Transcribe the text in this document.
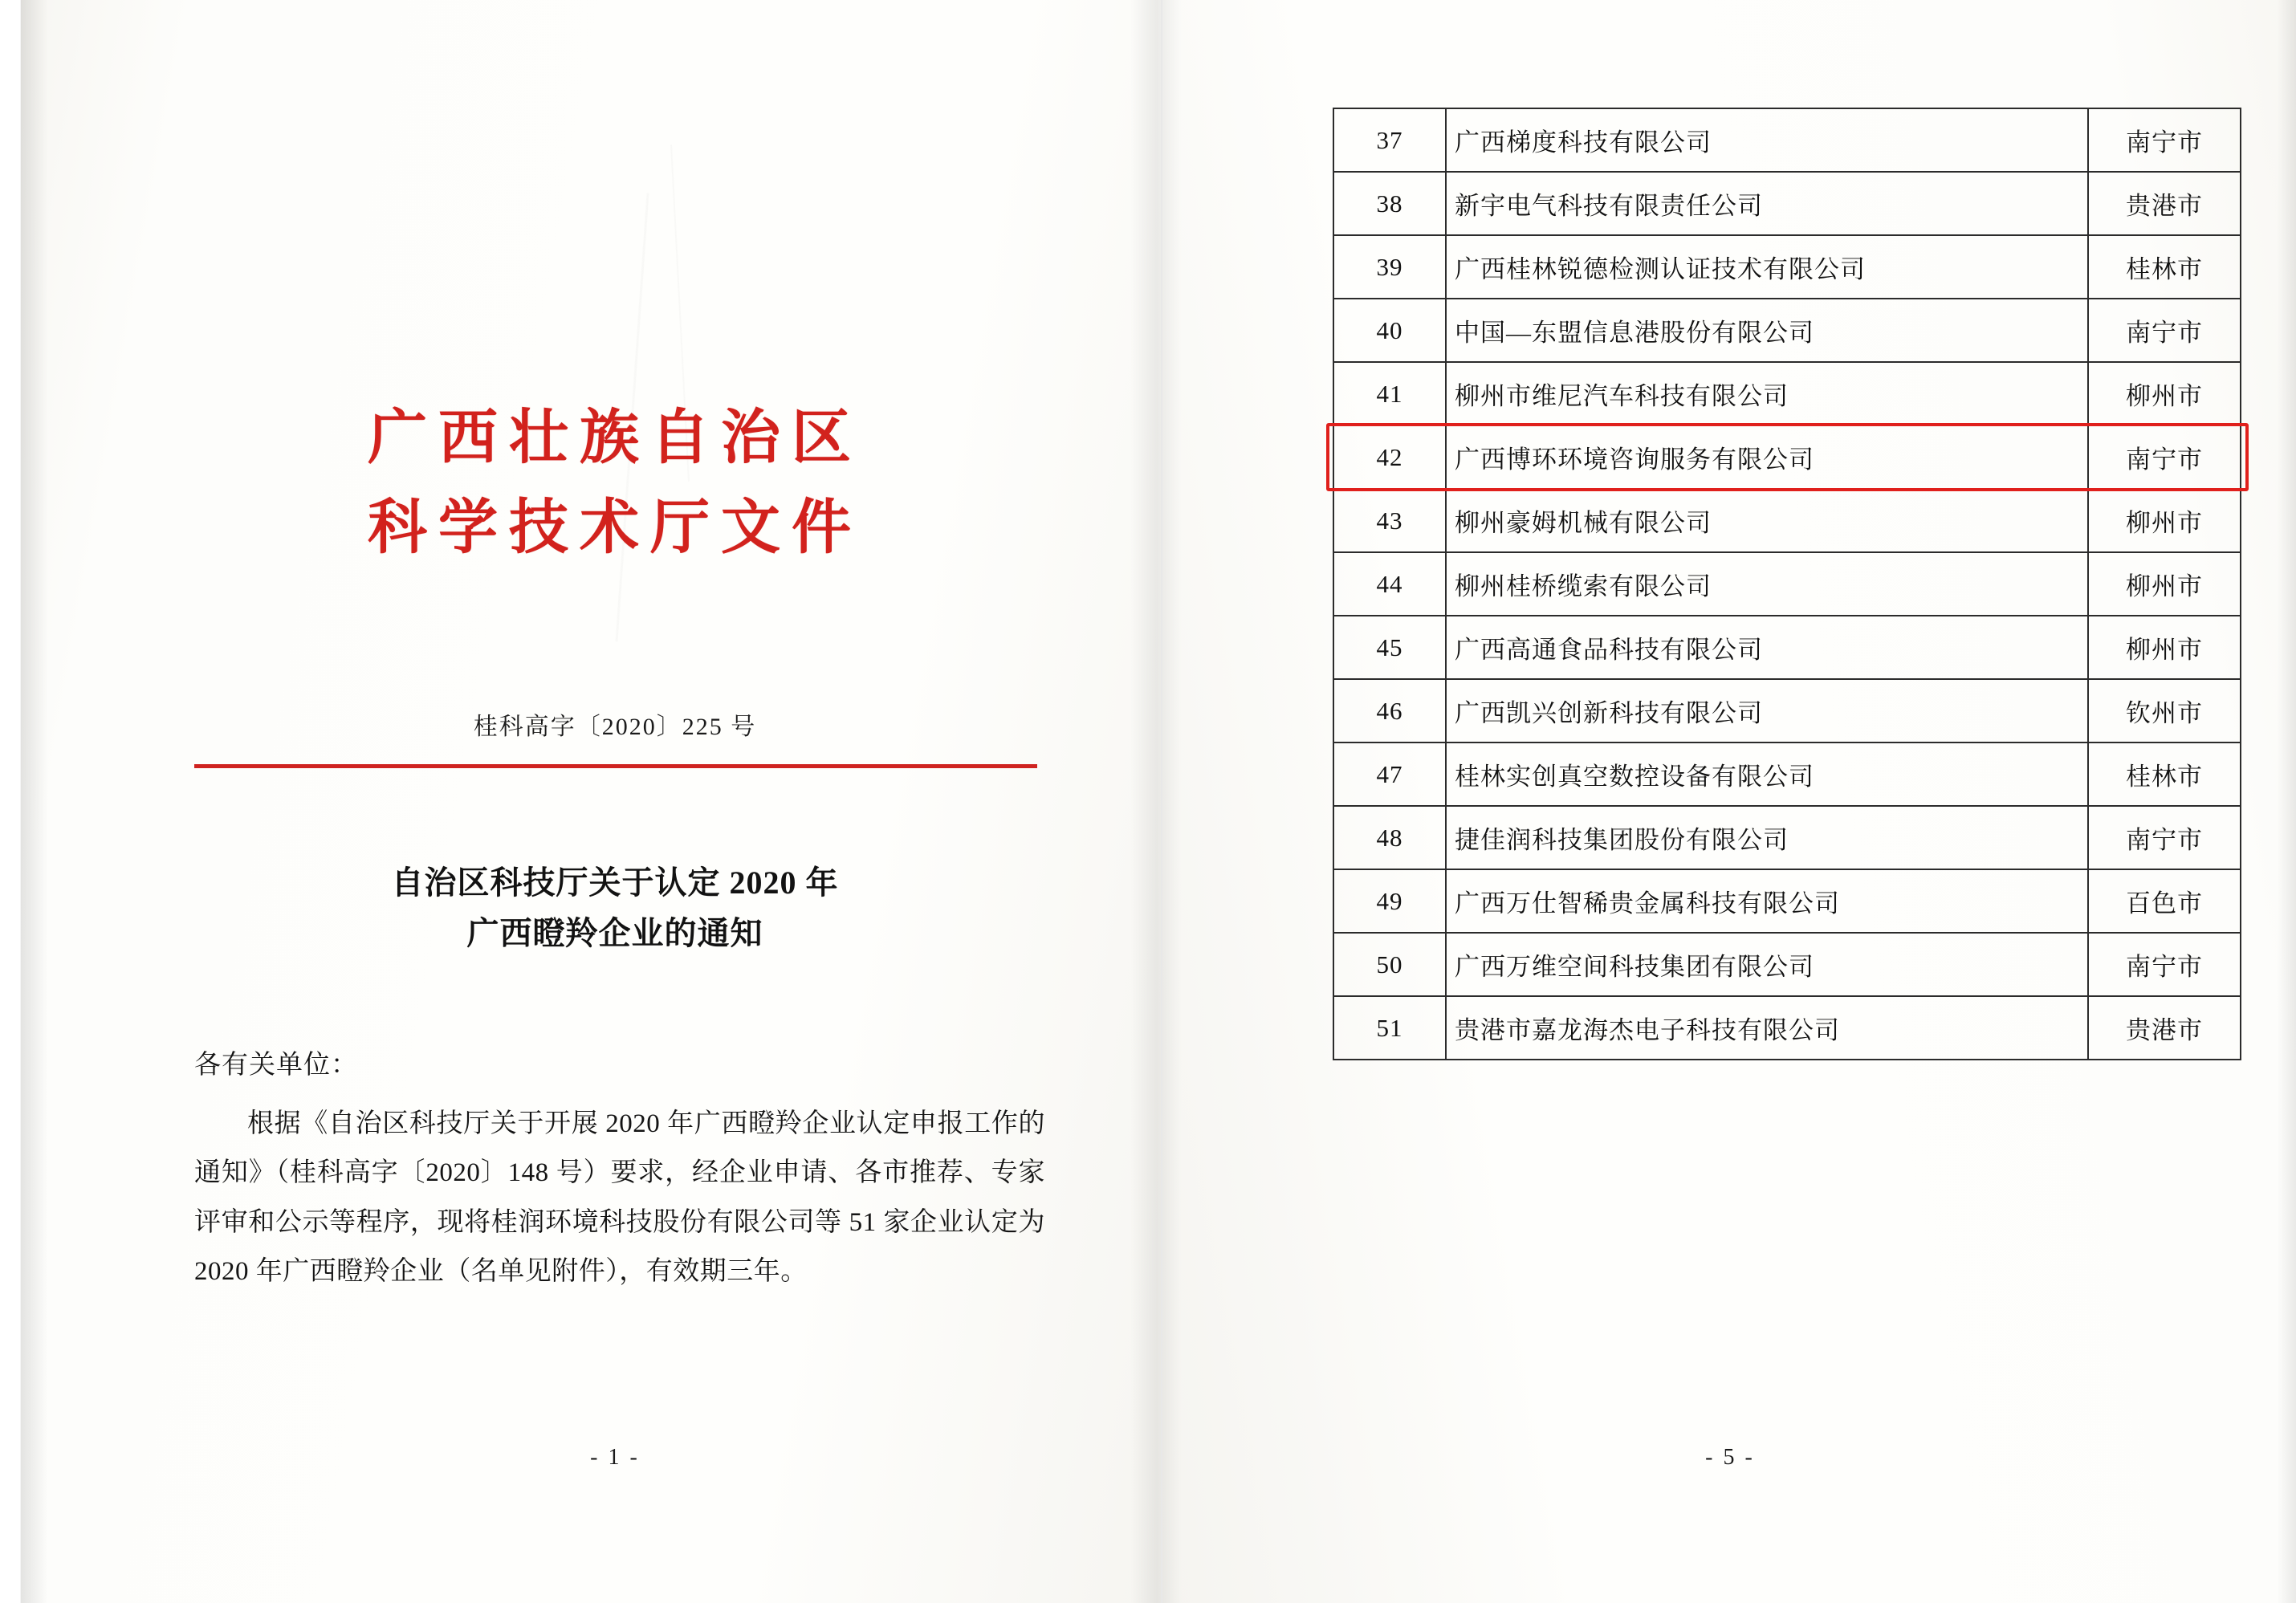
广西壮族自治区
科学技术厅文件
桂科高字〔2020〕225 号
自治区科技厅关于认定 2020 年
广西瞪羚企业的通知
各有关单位：
根据《自治区科技厅关于开展 2020 年广西瞪羚企业认定申报工作的通知》（桂科高字〔2020〕148 号）要求，经企业申请、各市推荐、专家评审和公示等程序，现将桂润环境科技股份有限公司等 51 家企业认定为 2020 年广西瞪羚企业（名单见附件），有效期三年。
- 1 -	- 5 -
37	广西梯度科技有限公司	南宁市
38	新宇电气科技有限责任公司	贵港市
39	广西桂林锐德检测认证技术有限公司	桂林市
40	中国—东盟信息港股份有限公司	南宁市
41	柳州市维尼汽车科技有限公司	柳州市
42	广西博环环境咨询服务有限公司	南宁市
43	柳州豪姆机械有限公司	柳州市
44	柳州桂桥缆索有限公司	柳州市
45	广西高通食品科技有限公司	柳州市
46	广西凯兴创新科技有限公司	钦州市
47	桂林实创真空数控设备有限公司	桂林市
48	捷佳润科技集团股份有限公司	南宁市
49	广西万仕智稀贵金属科技有限公司	百色市
50	广西万维空间科技集团有限公司	南宁市
51	贵港市嘉龙海杰电子科技有限公司	贵港市
